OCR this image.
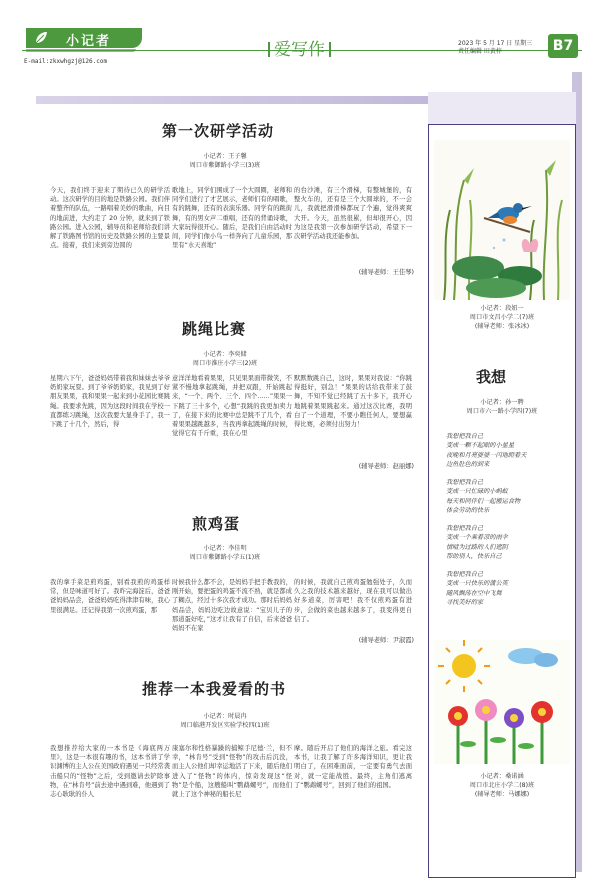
小记者
E-mail:zkxwhgzj@126.com
爱写作	2023 年 5 月 17 日 星期三
责任编辑 田黄梓	B7
第一次研学活动
小记者：王子馨
周口市紫御路小学三(3)班
今天，我们终于迎来了期待已久的研学活动。这次研学的目的地是铁路公园。我们伴着整齐的队伍，一路唱着美妙的歌曲，向目的地前进，大约走了 20 分钟，就来到了铁路公园。进入公园，辅导员和老师给我们讲解了铁路图书馆的历史及铁路公园的主要景点。接着，我们来到旁边圆的
歌地上，同学们围成了一个大圆圈，老师和同学们进行了才艺展示，老师们有的唱歌，有的跳舞，还有的表演乐器。同学有的跳街舞，有的男女声二重唱，还有的背诵诗歌，大家玩得很开心。随后，是我们自由活动时间，同学们像小鸟一样奔向了儿童乐园，那里有“水天喜地”
的台沙滩，有三个滑梯，有整城堡的，有整火车的，还有是三个大圆球的，不一会儿，我就把滑滑梯都玩了个遍，觉得爽爽大开。今天，虽然很累，但却很开心，因为这是我第一次参加研学活动，希望下一次研学活动我还能参加。
(辅导老师：王佳琴)
跳绳比赛
小记者：李奕储
周口市淮庄小学三(2)班
星期六下午，爸爸妈妈带着我和妹妹去爷爷奶奶家玩耍。到了爷爷奶奶家，我见到了好朋友果果，我和果果一起来到小花园比赛跳绳。我要求先跳，因为这段时间我在学校一直都练习跳绳，这次我要大显身手了，我一下跳了十几个，然后，得
意洋洋地看着果果，只见果果面带微笑，不紧不慢地拿起跳绳，并把双跟，开始跳起来，“一个、两个、三个、四个……”果果一下跳了三十多个，心想“我跳的我更加卖力了，在接下来的比赛中总是跳不了几个，看着果果越跳越多，当我再拿起跳绳的时候，觉得它有千斤重，我在心里
默默数跳自己，这时，果果对我说：“你跳得挺好，别急！”果果的话给我带来了鼓舞，不知不觉已经跳了五十多下，我开心地跳着果果跳起来。通过这次比赛，我明白了一个道理，不要小瞧任何人，要想赢得比赛，必须付出努力！
(辅导老师：赵丽娜)
煎鸡蛋
小记者：李佳明
周口市紫御路小学五(1)班
我的拿手菜是煎鸡蛋，别看我煎的鸡蛋样常，但是味道可好了。我昨完海淀后，爸爸爸妈妈品尝，爸爸妈妈吃得津津有味，我心里很满足。还记得我第一次煎鸡蛋，那
时候我什么都不会，是妈妈手把手教我的，刚开始，要把蛋的鸡蛋不流不熟，就是都成了糊点，经过十多次我才成功。那时后妈妈妈品尝，妈妈边吃边故意说：“宝贝儿子的那道蛋好吃，”这才让我有了自信，后来爸爸妈妈不在家
的时候，我就自己煎鸡蛋勉强处子，久而久之我的技术越来越好，现在我可以做出好多道菜，厉害吧！我不仅煎鸡蛋有进步，会做的菜也越来越多了，我变得更自信了。
(辅导老师：尹淑霞)
推荐一本我爱看的书
小记者：时晨冉
周口临港开发区实验学校四(1)班
我想推荐给大家的一本书是《海底两万里》，这是一本很有趣的书，这本书讲了学识渊博的主人公在美国政府遇见一只经常袭击船只的“怪物”之后，受到邀请去铲除事物，在“林肯号”前去途中遇到难，他遇到了志心耿耿的仆人
康塞尔和性格暴躁的捕鲸手尼德·兰，但不幸，“林肯号”受到“怪物”的攻击后沉没，而主人公他们却幸运地活了下来，随后他们进入了“怪物”的体内，惊奇发现这“怪物”是个船，这艘船叫“鹦鹉螺号”，而他们就上了这个神秘的船长尼
摩。随后开启了他们的海洋之旅。看完这本书，让我了解了许多海洋知识，更让我明白了，在困难面前，一定要有勇气去面对，就一定能战胜。最终，主角们逃离了“鹦鹉螺号”，回到了他们的祖国。
小记者：段妞一
周口市文昌小学二(7)班
(辅导老师：张冰冰)
我想
小记者：孙一聘
周口市六一路小学四(7)班
我想把我自己
变成一颗不起眼的小星星
夜晚和月亮婆婆一闪地瞪着天
边鱼肚色的到来
我想把我自己
变成一只忙碌的小蚂蚁
每天和同伴们一起搬运食物
体会劳动的快乐
我想把我自己
变成一个乘着凉的雨伞
情晴为过路的人们遮阴
帮助别人，快乐自己
我想把我自己
变成一只快乐的蒲公英
随风飘荡在空中飞舞
寻找美好的家
小记者：桑诺涵
周口市北庄小学二(8)班
(辅导老师：马娜娜)
